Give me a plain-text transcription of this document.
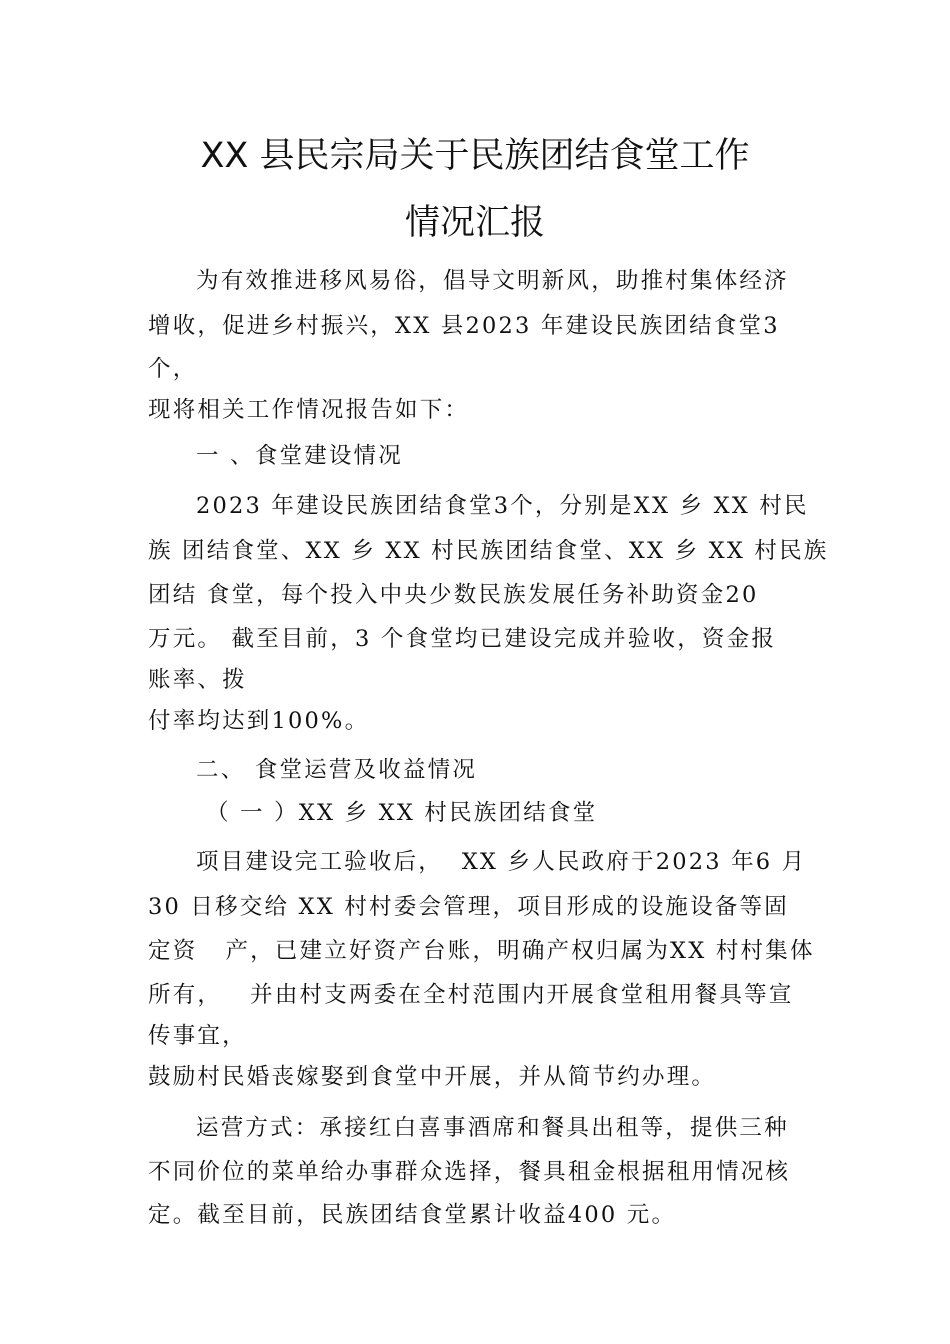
XX 县民宗局关于民族团结食堂工作
情况汇报
为有效推进移风易俗，倡导文明新风，助推村集体经济
增收，促进乡村振兴，XX 县2023 年建设民族团结食堂3
个，
现将相关工作情况报告如下：
一 、食堂建设情况
2023 年建设民族团结食堂3个，分别是XX 乡 XX 村民
族 团结食堂、XX 乡 XX 村民族团结食堂、XX 乡 XX 村民族
团结 食堂，每个投入中央少数民族发展任务补助资金20
万元。 截至目前，3 个食堂均已建设完成并验收，资金报
账率、拨
付率均达到100%。
二、 食堂运营及收益情况
（ 一 ）XX 乡 XX 村民族团结食堂
项目建设完工验收后，  XX 乡人民政府于2023 年6 月
30 日移交给 XX 村村委会管理，项目形成的设施设备等固
定资   产，已建立好资产台账，明确产权归属为XX 村村集体
所有，   并由村支两委在全村范围内开展食堂租用餐具等宣
传事宜，
鼓励村民婚丧嫁娶到食堂中开展，并从简节约办理。
运营方式：承接红白喜事酒席和餐具出租等，提供三种
不同价位的菜单给办事群众选择，餐具租金根据租用情况核
定。截至目前，民族团结食堂累计收益400 元。
